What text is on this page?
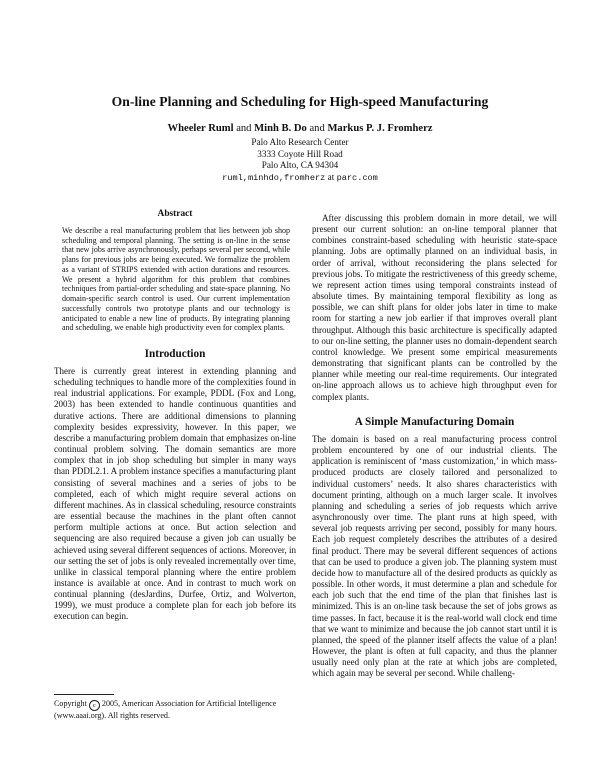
On-line Planning and Scheduling for High-speed Manufacturing
Wheeler Ruml and Minh B. Do and Markus P. J. Fromherz
Palo Alto Research Center
3333 Coyote Hill Road
Palo Alto, CA 94304
ruml,minhdo,fromherz at parc.com
Abstract
We describe a real manufacturing problem that lies between job shop scheduling and temporal planning. The setting is on-line in the sense that new jobs arrive asynchronously, perhaps several per second, while plans for previous jobs are being executed. We formalize the problem as a variant of STRIPS extended with action durations and resources. We present a hybrid algorithm for this problem that combines techniques from partial-order scheduling and state-space planning. No domain-specific search control is used. Our current implementation successfully controls two prototype plants and our technology is anticipated to enable a new line of products. By integrating planning and scheduling, we enable high productivity even for complex plants.
Introduction
There is currently great interest in extending planning and scheduling techniques to handle more of the complexities found in real industrial applications. For example, PDDL (Fox and Long, 2003) has been extended to handle continuous quantities and durative actions. There are additional dimensions to planning complexity besides expressivity, however. In this paper, we describe a manufacturing problem domain that emphasizes on-line continual problem solving. The domain semantics are more complex that in job shop scheduling but simpler in many ways than PDDL2.1. A problem instance specifies a manufacturing plant consisting of several machines and a series of jobs to be completed, each of which might require several actions on different machines. As in classical scheduling, resource constraints are essential because the machines in the plant often cannot perform multiple actions at once. But action selection and sequencing are also required because a given job can usually be achieved using several different sequences of actions. Moreover, in our setting the set of jobs is only revealed incrementally over time, unlike in classical temporal planning where the entire problem instance is available at once. And in contrast to much work on continual planning (desJardins, Durfee, Ortiz, and Wolverton, 1999), we must produce a complete plan for each job before its execution can begin.
Copyright c 2005, American Association for Artificial Intelligence (www.aaai.org). All rights reserved.
After discussing this problem domain in more detail, we will present our current solution: an on-line temporal planner that combines constraint-based scheduling with heuristic state-space planning. Jobs are optimally planned on an individual basis, in order of arrival, without reconsidering the plans selected for previous jobs. To mitigate the restrictiveness of this greedy scheme, we represent action times using temporal constraints instead of absolute times. By maintaining temporal flexibility as long as possible, we can shift plans for older jobs later in time to make room for starting a new job earlier if that improves overall plant throughput. Although this basic architecture is specifically adapted to our on-line setting, the planner uses no domain-dependent search control knowledge. We present some empirical measurements demonstrating that significant plants can be controlled by the planner while meeting our real-time requirements. Our integrated on-line approach allows us to achieve high throughput even for complex plants.
A Simple Manufacturing Domain
The domain is based on a real manufacturing process control problem encountered by one of our industrial clients. The application is reminiscent of ‘mass customization,’ in which mass-produced products are closely tailored and personalized to individual customers’ needs. It also shares characteristics with document printing, although on a much larger scale. It involves planning and scheduling a series of job requests which arrive asynchronously over time. The plant runs at high speed, with several job requests arriving per second, possibly for many hours. Each job request completely describes the attributes of a desired final product. There may be several different sequences of actions that can be used to produce a given job. The planning system must decide how to manufacture all of the desired products as quickly as possible. In other words, it must determine a plan and schedule for each job such that the end time of the plan that finishes last is minimized. This is an on-line task because the set of jobs grows as time passes. In fact, because it is the real-world wall clock end time that we want to minimize and because the job cannot start until it is planned, the speed of the planner itself affects the value of a plan! However, the plant is often at full capacity, and thus the planner usually need only plan at the rate at which jobs are completed, which again may be several per second. While challeng-
